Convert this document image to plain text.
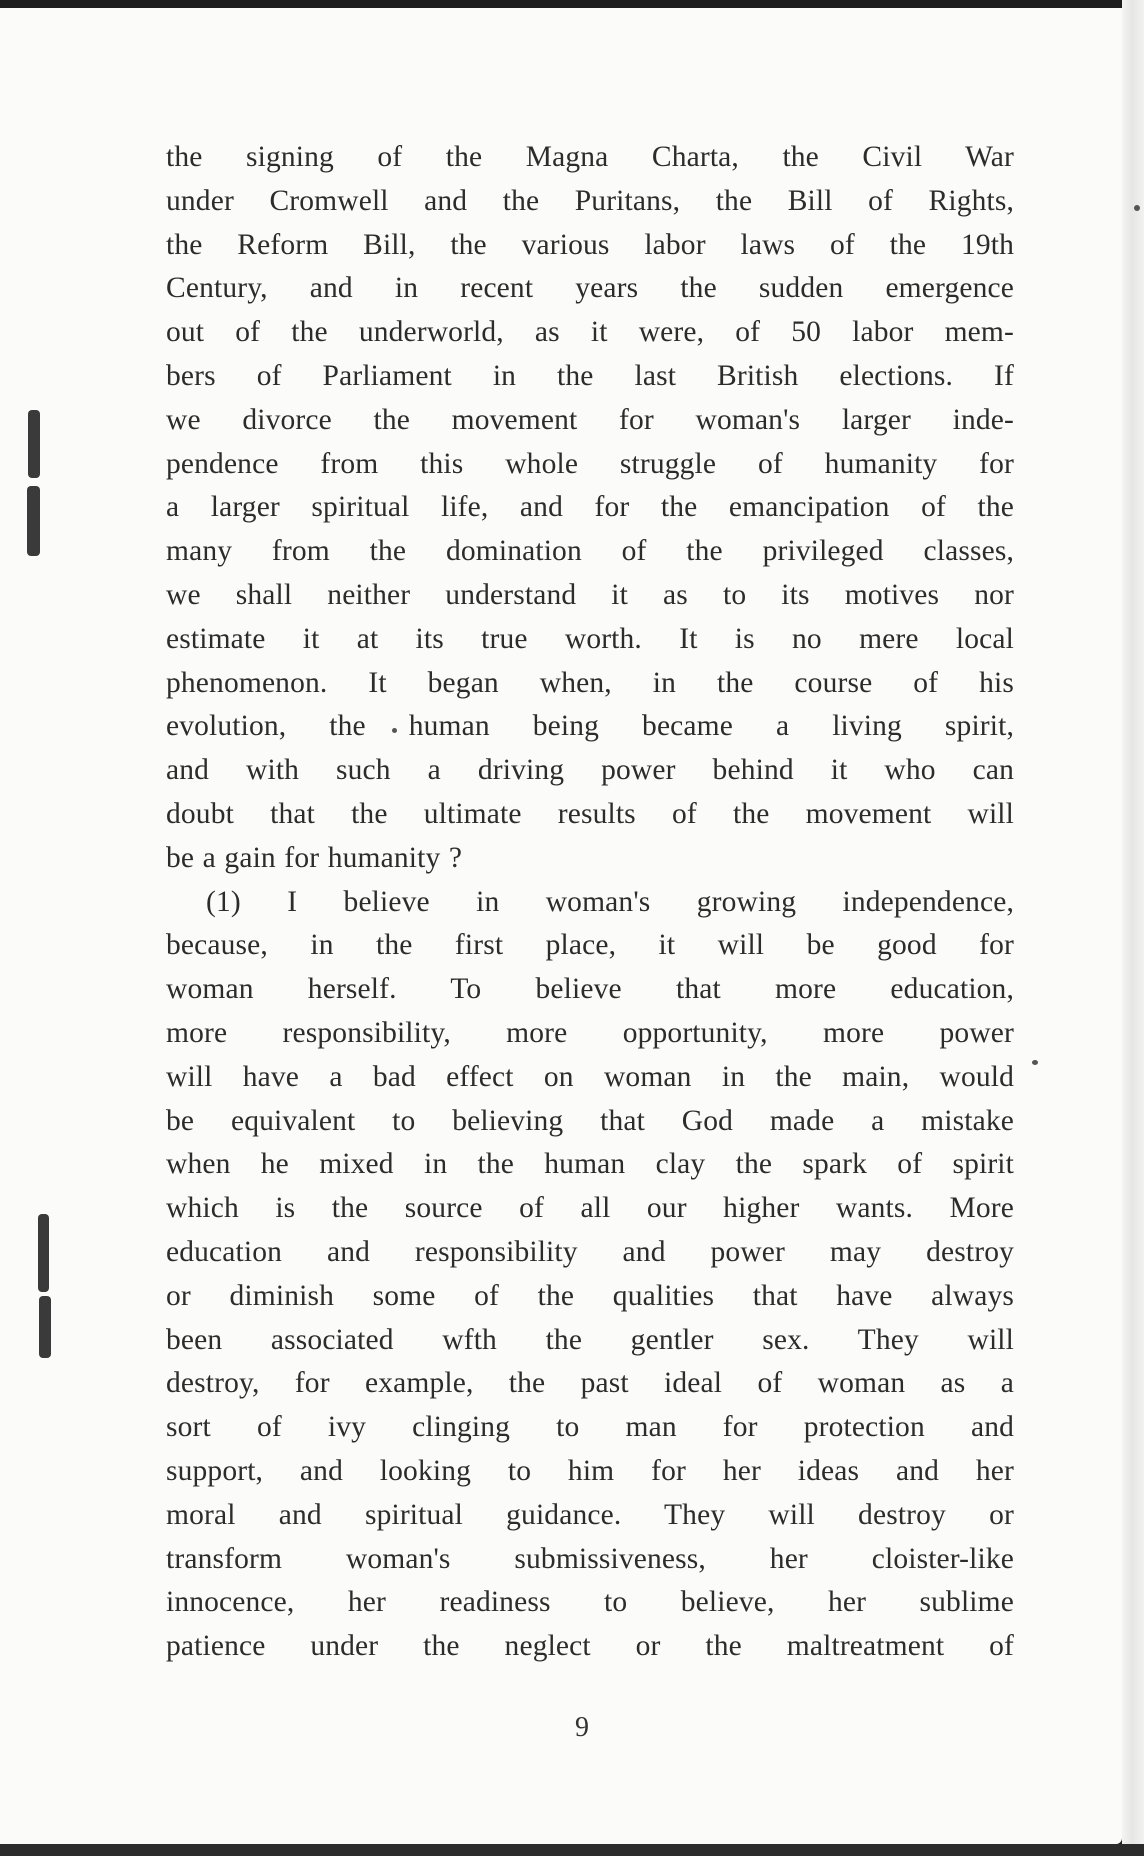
the signing of the Magna Charta, the Civil War
under Cromwell and the Puritans, the Bill of Rights,
the Reform Bill, the various labor laws of the 19th
Century, and in recent years the sudden emergence
out of the underworld, as it were, of 50 labor mem-
bers of Parliament in the last British elections. If
we divorce the movement for woman's larger inde-
pendence from this whole struggle of humanity for
a larger spiritual life, and for the emancipation of the
many from the domination of the privileged classes,
we shall neither understand it as to its motives nor
estimate it at its true worth. It is no mere local
phenomenon. It began when, in the course of his
evolution, the human being became a living spirit,
and with such a driving power behind it who can
doubt that the ultimate results of the movement will
be a gain for humanity ?
(1) I believe in woman's growing independence,
because, in the first place, it will be good for
woman herself. To believe that more education,
more responsibility, more opportunity, more power
will have a bad effect on woman in the main, would
be equivalent to believing that God made a mistake
when he mixed in the human clay the spark of spirit
which is the source of all our higher wants. More
education and responsibility and power may destroy
or diminish some of the qualities that have always
been associated wfth the gentler sex. They will
destroy, for example, the past ideal of woman as a
sort of ivy clinging to man for protection and
support, and looking to him for her ideas and her
moral and spiritual guidance. They will destroy or
transform woman's submissiveness, her cloister-like
innocence, her readiness to believe, her sublime
patience under the neglect or the maltreatment of
9
